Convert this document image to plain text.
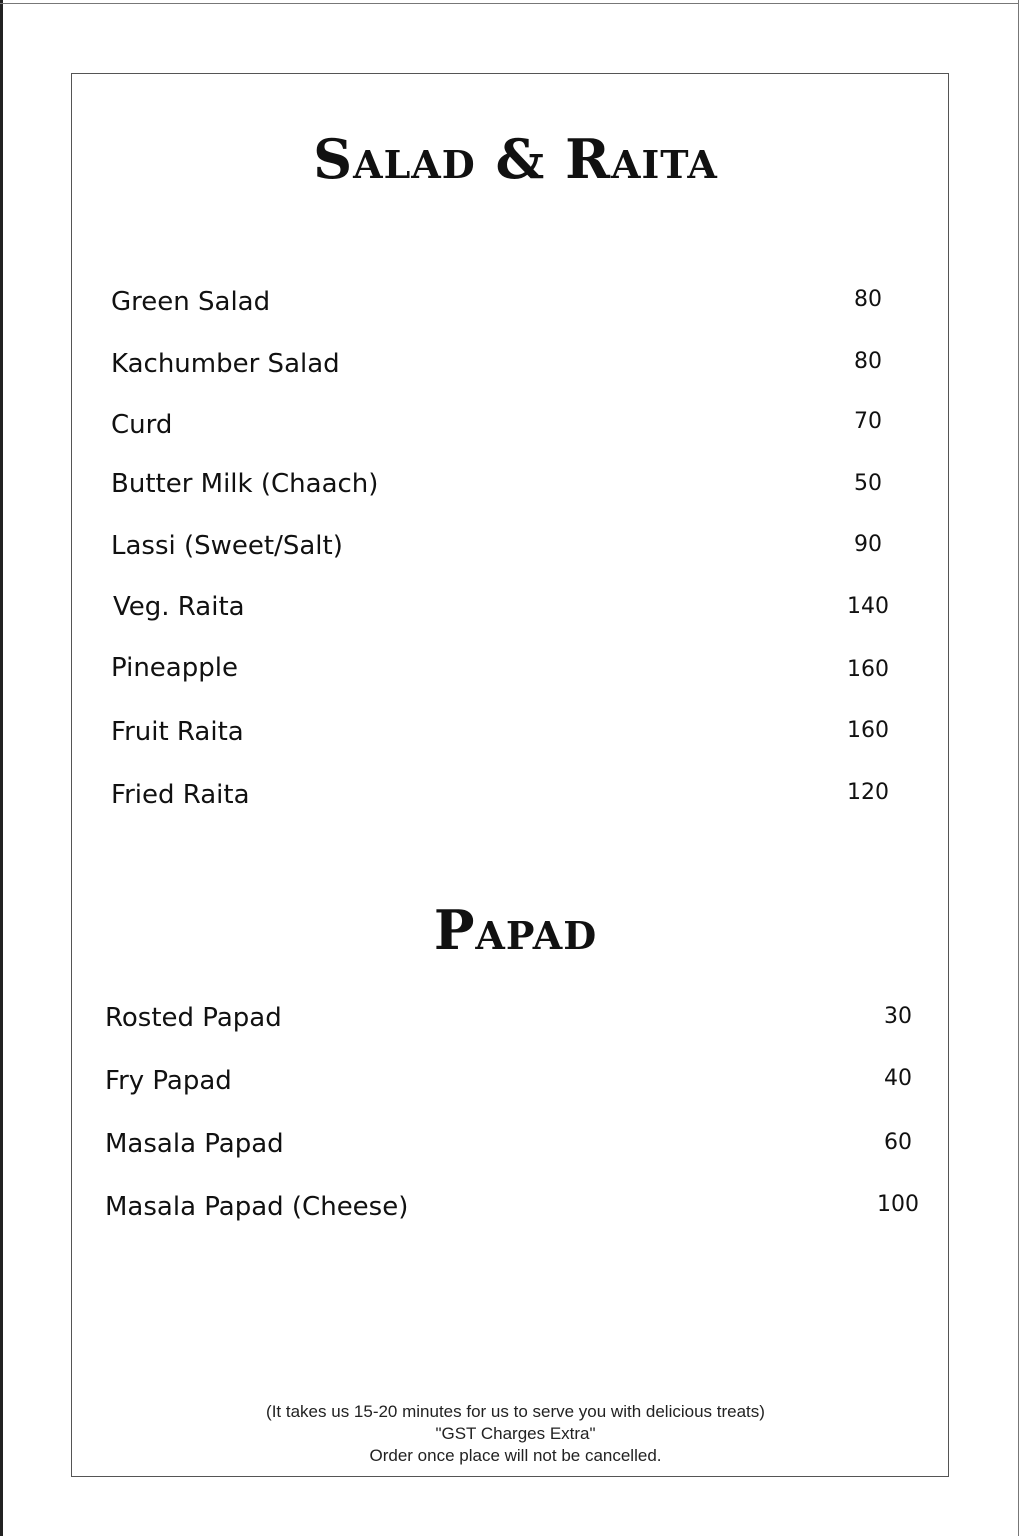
Salad & Raita
Green Salad	80
Kachumber Salad	80
Curd	70
Butter Milk (Chaach)	50
Lassi (Sweet/Salt)	90
Veg. Raita	140
Pineapple	160
Fruit Raita	160
Fried Raita	120
Papad
Rosted Papad	30
Fry Papad	40
Masala Papad	60
Masala Papad (Cheese)	100
(It takes us 15-20 minutes for us to serve you with delicious treats)
"GST Charges Extra"
Order once place will not be cancelled.
